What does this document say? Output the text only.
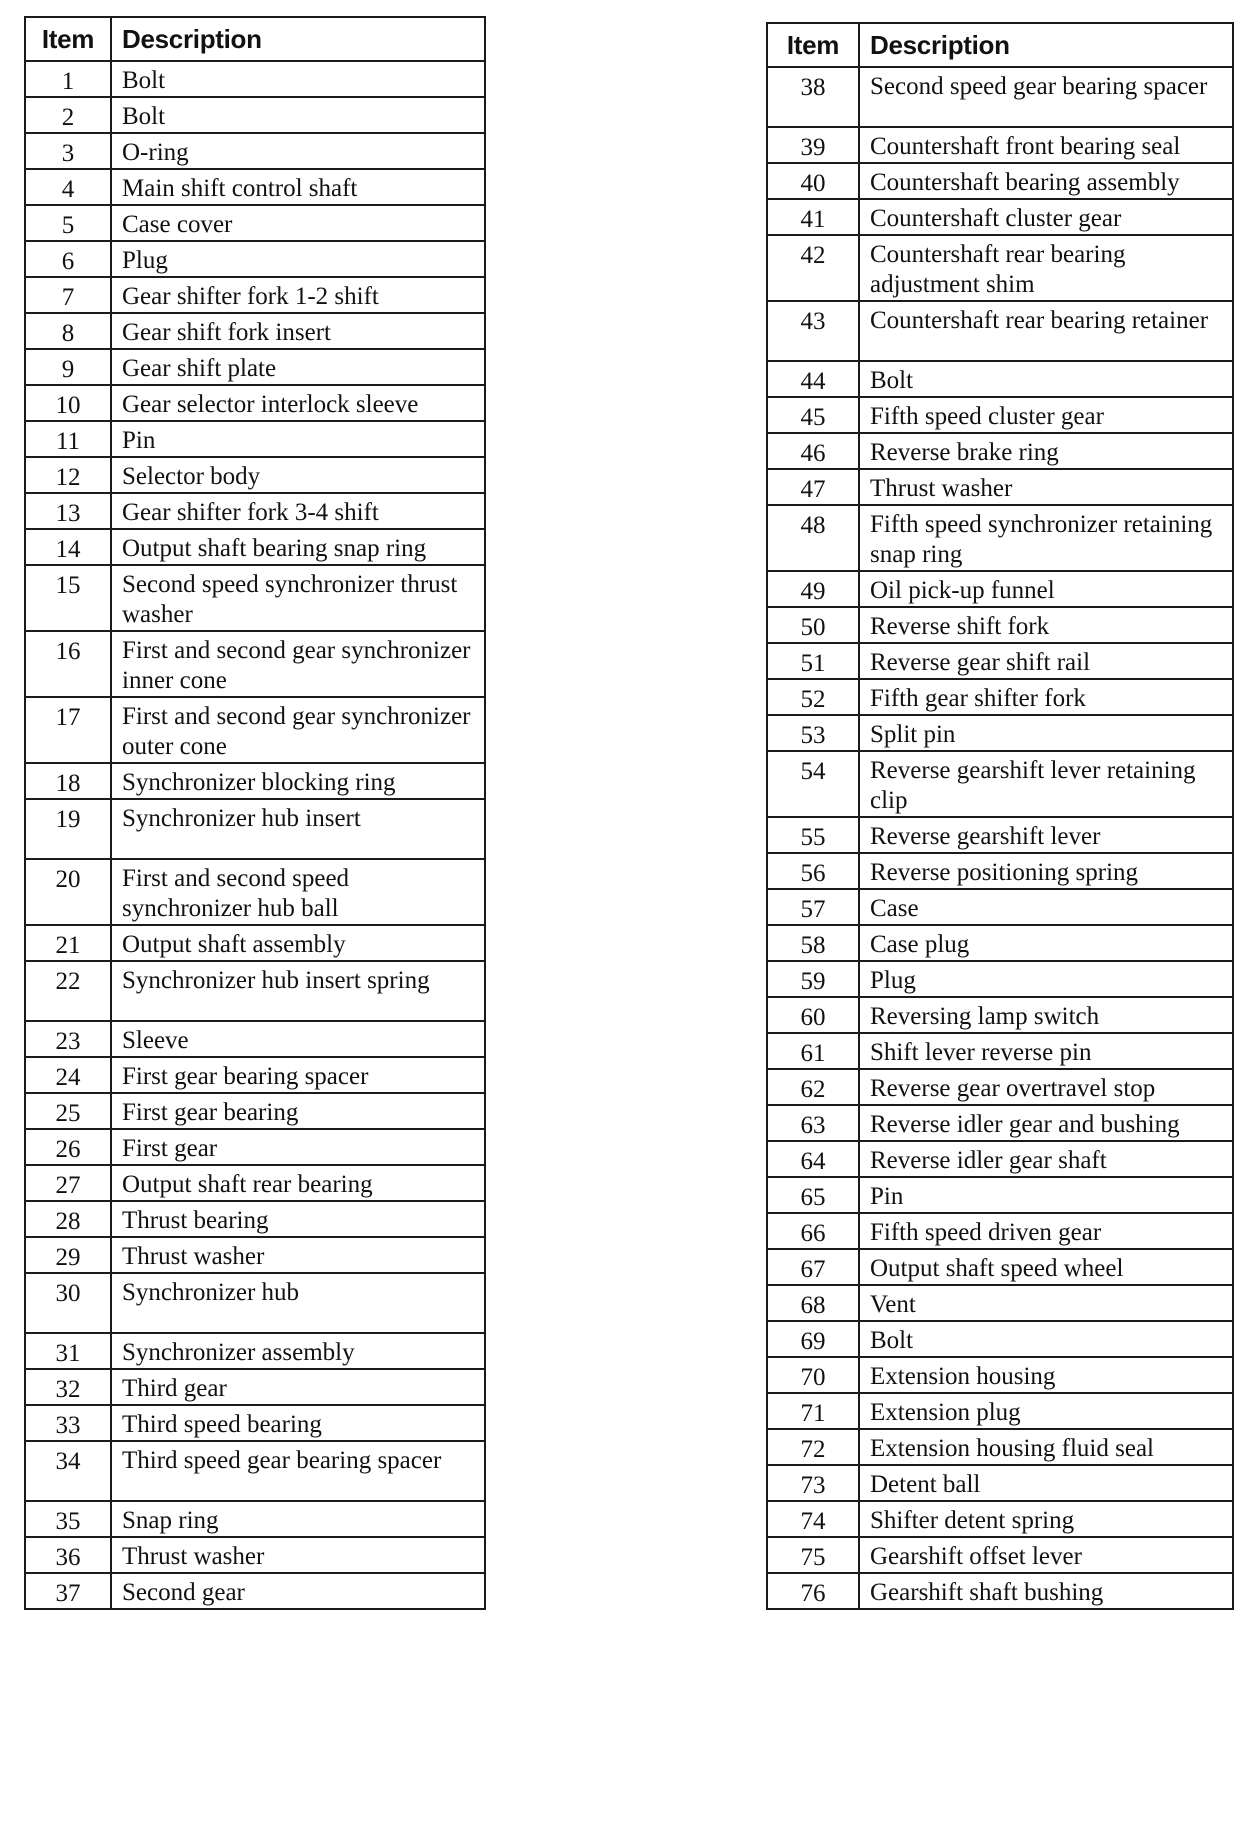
Item	Description
1	Bolt
2	Bolt
3	O-ring
4	Main shift control shaft
5	Case cover
6	Plug
7	Gear shifter fork 1-2 shift
8	Gear shift fork insert
9	Gear shift plate
10	Gear selector interlock sleeve
11	Pin
12	Selector body
13	Gear shifter fork 3-4 shift
14	Output shaft bearing snap ring
15	Second speed synchronizer thrust washer
16	First and second gear synchronizer inner cone
17	First and second gear synchronizer outer cone
18	Synchronizer blocking ring
19	Synchronizer hub insert
20	First and second speed synchronizer hub ball
21	Output shaft assembly
22	Synchronizer hub insert spring
23	Sleeve
24	First gear bearing spacer
25	First gear bearing
26	First gear
27	Output shaft rear bearing
28	Thrust bearing
29	Thrust washer
30	Synchronizer hub
31	Synchronizer assembly
32	Third gear
33	Third speed bearing
34	Third speed gear bearing spacer
35	Snap ring
36	Thrust washer
37	Second gear
Item	Description
38	Second speed gear bearing spacer
39	Countershaft front bearing seal
40	Countershaft bearing assembly
41	Countershaft cluster gear
42	Countershaft rear bearing adjustment shim
43	Countershaft rear bearing retainer
44	Bolt
45	Fifth speed cluster gear
46	Reverse brake ring
47	Thrust washer
48	Fifth speed synchronizer retaining snap ring
49	Oil pick-up funnel
50	Reverse shift fork
51	Reverse gear shift rail
52	Fifth gear shifter fork
53	Split pin
54	Reverse gearshift lever retaining clip
55	Reverse gearshift lever
56	Reverse positioning spring
57	Case
58	Case plug
59	Plug
60	Reversing lamp switch
61	Shift lever reverse pin
62	Reverse gear overtravel stop
63	Reverse idler gear and bushing
64	Reverse idler gear shaft
65	Pin
66	Fifth speed driven gear
67	Output shaft speed wheel
68	Vent
69	Bolt
70	Extension housing
71	Extension plug
72	Extension housing fluid seal
73	Detent ball
74	Shifter detent spring
75	Gearshift offset lever
76	Gearshift shaft bushing
